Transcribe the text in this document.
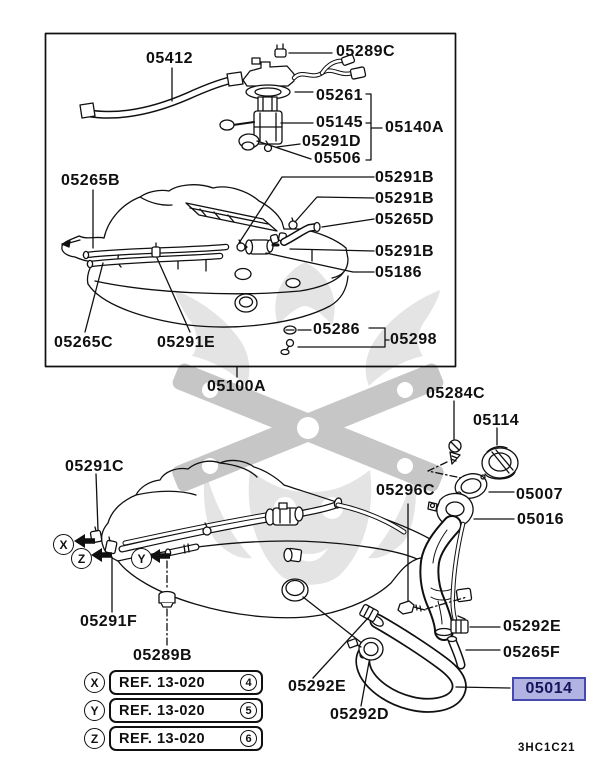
05412	05289C
05261
05145 05140A
05291D
05506
05265B	05291B
05291B
05265D
05291B
05186
05265C	05291E
05286
05298
05100A	05284C
05114
05291C
05296C	05007
05016
05291F
05289B
05292E
05265F
05014
05292E
05292D
X
Z	Y
X	REF. 13-020	4
Y	REF. 13-020	5
Z	REF. 13-020	6
3HC1C21
